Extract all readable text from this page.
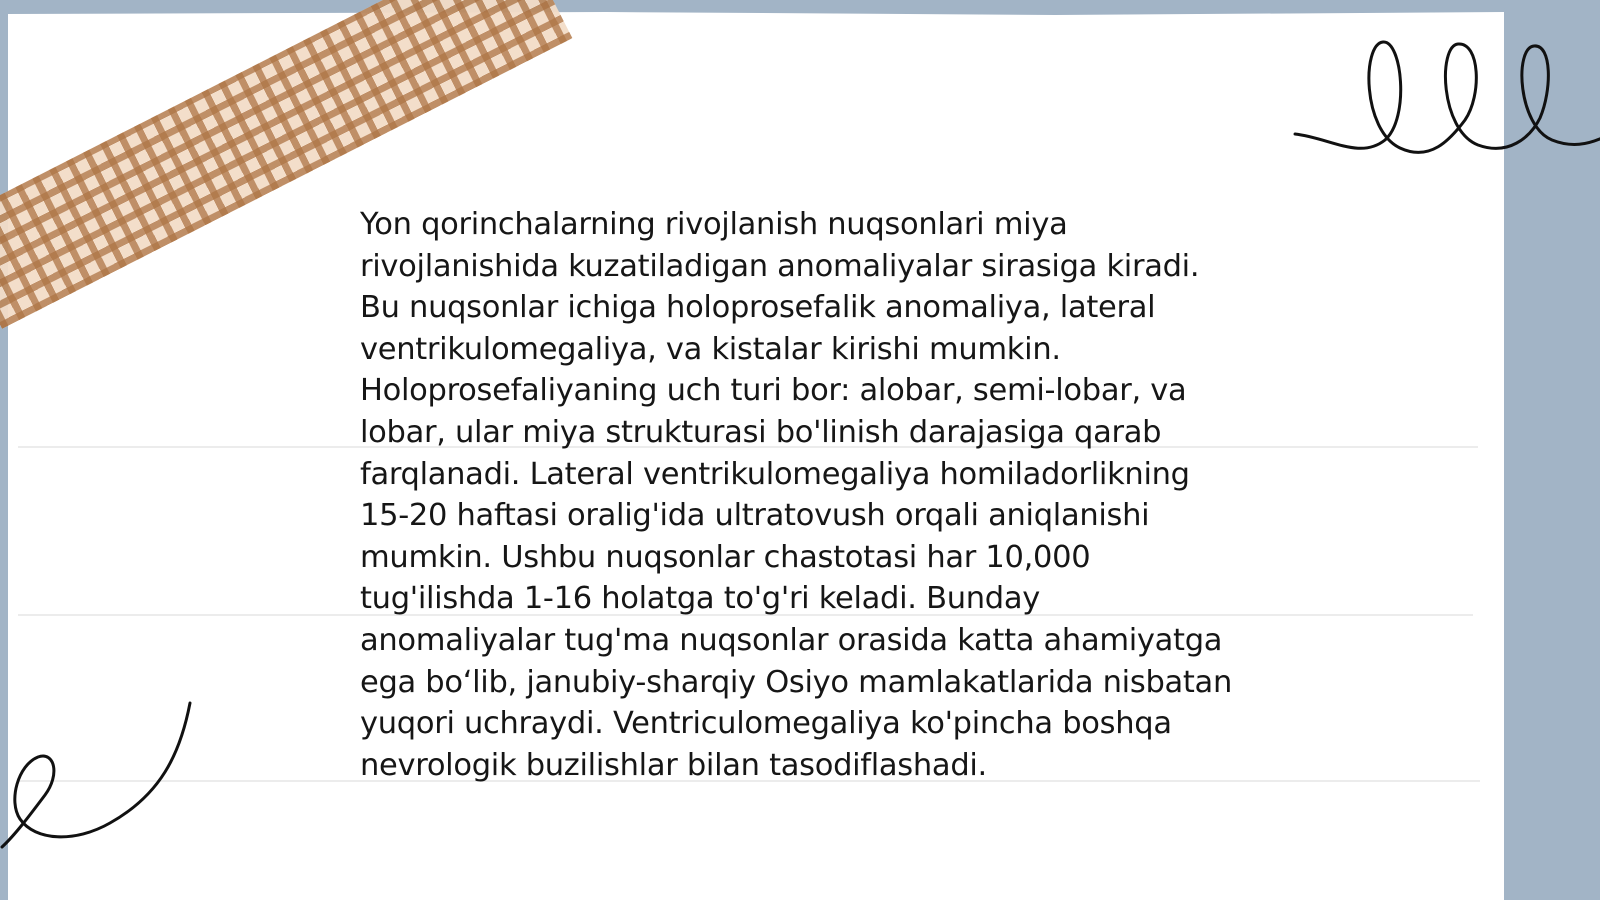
Yon qorinchalarning rivojlanish nuqsonlari miya rivojlanishida kuzatiladigan anomaliyalar sirasiga kiradi. Bu nuqsonlar ichiga holoprosefalik anomaliya, lateral ventrikulomegaliya, va kistalar kirishi mumkin. Holoprosefaliyaning uch turi bor: alobar, semi-lobar, va lobar, ular miya strukturasi bo'linish darajasiga qarab farqlanadi. Lateral ventrikulomegaliya homiladorlikning 15-20 haftasi oralig'ida ultratovush orqali aniqlanishi mumkin. Ushbu nuqsonlar chastotasi har 10,000 tug'ilishda 1-16 holatga to'g'ri keladi. Bunday anomaliyalar tug'ma nuqsonlar orasida katta ahamiyatga ega bo‘lib, janubiy-sharqiy Osiyo mamlakatlarida nisbatan yuqori uchraydi. Ventriculomegaliya ko'pincha boshqa nevrologik buzilishlar bilan tasodiflashadi.
